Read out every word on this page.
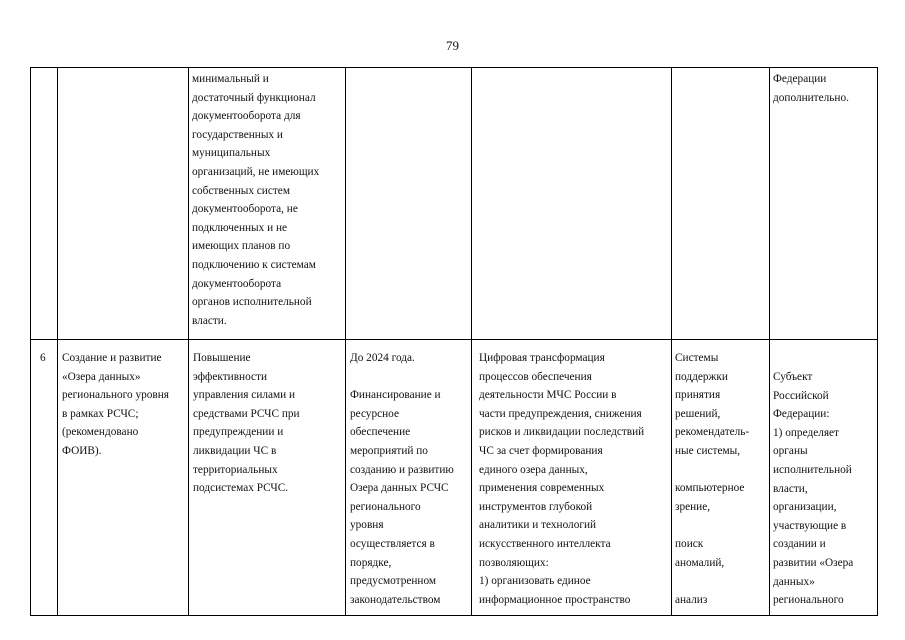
79
минимальный и
достаточный функционал
документооборота для
государственных и
муниципальных
организаций, не имеющих
собственных систем
документооборота, не
подключенных и не
имеющих планов по
подключению к системам
документооборота
органов исполнительной
власти.
Федерации
дополнительно.
6	Создание и развитие
«Озера данных»
регионального уровня
в рамках РСЧС;
(рекомендовано
ФОИВ).
Повышение
эффективности
управления силами и
средствами РСЧС при
предупреждении и
ликвидации ЧС в
территориальных
подсистемах РСЧС.
До 2024 года.

Финансирование и
ресурсное
обеспечение
мероприятий по
созданию и развитию
Озера данных РСЧС
регионального
уровня
осуществляется в
порядке,
предусмотренном
законодательством
Цифровая трансформация
процессов обеспечения
деятельности МЧС России в
части предупреждения, снижения
рисков и ликвидации последствий
ЧС за счет формирования
единого озера данных,
применения современных
инструментов глубокой
аналитики и технологий
искусственного интеллекта
позволяющих:
1) организовать единое
информационное пространство
Системы
поддержки
принятия
решений,
рекомендатель-
ные системы,

компьютерное
зрение,

поиск
аномалий,

анализ
Субъект
Российской
Федерации:
1) определяет
органы
исполнительной
власти,
организации,
участвующие в
создании и
развитии «Озера
данных»
регионального
